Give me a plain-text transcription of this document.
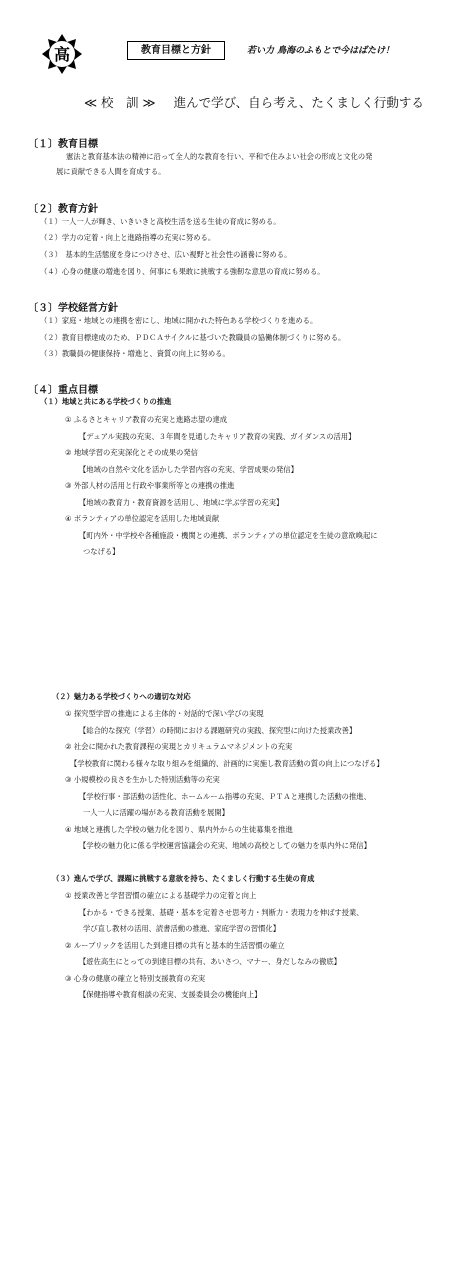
高	教育目標と方針	若い力 鳥海のふもとで今はばたけ！
≪ 校　訓 ≫ 進んで学び、自ら考え、たくましく行動する
〔１〕教育目標
憲法と教育基本法の精神に沿って全人的な教育を行い、平和で住みよい社会の形成と文化の発
展に貢献できる人間を育成する。
〔２〕教育方針
（１）一人一人が輝き、いきいきと高校生活を送る生徒の育成に努める。
（２）学力の定着・向上と進路指導の充実に努める。
（３）　基本的生活態度を身につけさせ、広い視野と社会性の涵養に努める。
（４）心身の健康の増進を図り、何事にも果敢に挑戦する強靭な意思の育成に努める。
〔３〕学校経営方針
（１）家庭・地域との連携を密にし、地域に開かれた特色ある学校づくりを進める。
（２）教育目標達成のため、ＰＤＣＡサイクルに基づいた教職員の協働体制づくりに努める。
（３）教職員の健康保持・増進と、資質の向上に努める。
〔４〕重点目標
（１）地域と共にある学校づくりの推進
① ふるさとキャリア教育の充実と進路志望の達成
【デュアル実践の充実、３年間を見通したキャリア教育の実践、ガイダンスの活用】
② 地域学習の充実深化とその成果の発信
【地域の自然や文化を活かした学習内容の充実、学習成果の発信】
③ 外部人材の活用と行政や事業所等との連携の推進
【地域の教育力・教育資源を活用し、地域に学ぶ学習の充実】
④ ボランティアの単位認定を活用した地域貢献
【町内外・中学校や各種施設・機関との連携、ボランティアの単位認定を生徒の意欲喚起に
つなげる】
（２）魅力ある学校づくりへの適切な対応
① 探究型学習の推進による主体的・対話的で深い学びの実現
【総合的な探究（学習）の時間における課題研究の実践、探究型に向けた授業改善】
② 社会に開かれた教育課程の実現とカリキュラムマネジメントの充実
【学校教育に関わる様々な取り組みを組織的、計画的に実施し教育活動の質の向上につなげる】
③ 小規模校の良さを生かした特別活動等の充実
【学校行事・部活動の活性化、ホームルーム指導の充実、ＰＴＡと連携した活動の推進、
一人一人に活躍の場がある教育活動を展開】
④ 地域と連携した学校の魅力化を図り、県内外からの生徒募集を推進
【学校の魅力化に係る学校運営協議会の充実、地域の高校としての魅力を県内外に発信】
（３）進んで学び、課題に挑戦する意欲を持ち、たくましく行動する生徒の育成
① 授業改善と学習習慣の確立による基礎学力の定着と向上
【わかる・できる授業、基礎・基本を定着させ思考力・判断力・表現力を伸ばす授業、
学び直し教材の活用、読書活動の推進、家庭学習の習慣化】
② ルーブリックを活用した到達目標の共有と基本的生活習慣の確立
【遊佐高生にとっての到達目標の共有、あいさつ、マナー、身だしなみの徹底】
③ 心身の健康の確立と特別支援教育の充実
【保健指導や教育相談の充実、支援委員会の機能向上】
